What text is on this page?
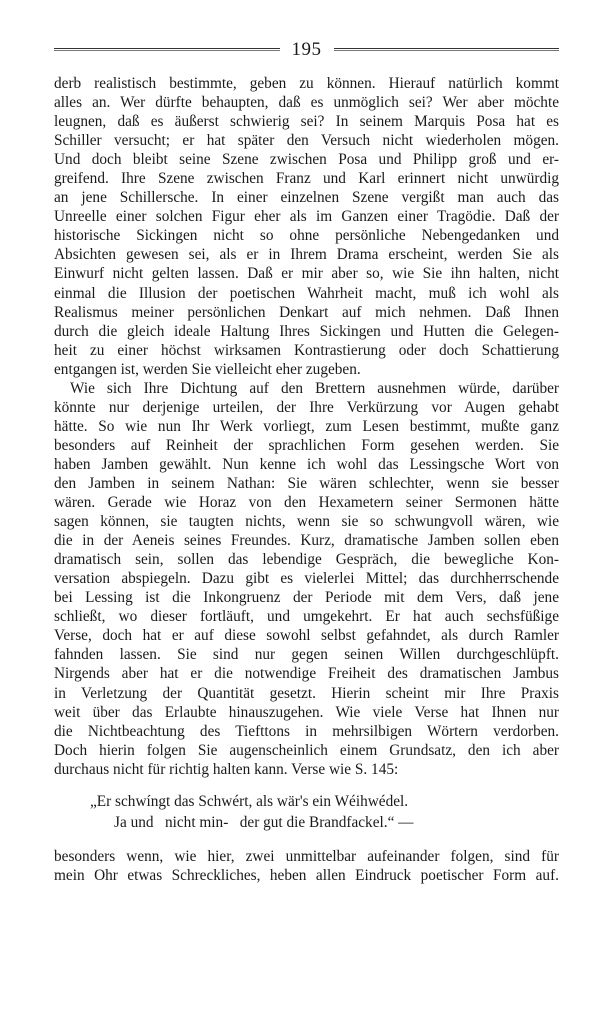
195
derb realistisch bestimmte, geben zu können. Hierauf natürlich kommt
alles an. Wer dürfte behaupten, daß es unmöglich sei? Wer aber möchte
leugnen, daß es äußerst schwierig sei? In seinem Marquis Posa hat es
Schiller versucht; er hat später den Versuch nicht wiederholen mögen.
Und doch bleibt seine Szene zwischen Posa und Philipp groß und er-
greifend. Ihre Szene zwischen Franz und Karl erinnert nicht unwürdig
an jene Schillersche. In einer einzelnen Szene vergißt man auch das
Unreelle einer solchen Figur eher als im Ganzen einer Tragödie. Daß der
historische Sickingen nicht so ohne persönliche Nebengedanken und
Absichten gewesen sei, als er in Ihrem Drama erscheint, werden Sie als
Einwurf nicht gelten lassen. Daß er mir aber so, wie Sie ihn halten, nicht
einmal die Illusion der poetischen Wahrheit macht, muß ich wohl als
Realismus meiner persönlichen Denkart auf mich nehmen. Daß Ihnen
durch die gleich ideale Haltung Ihres Sickingen und Hutten die Gelegen-
heit zu einer höchst wirksamen Kontrastierung oder doch Schattierung
entgangen ist, werden Sie vielleicht eher zugeben.
Wie sich Ihre Dichtung auf den Brettern ausnehmen würde, darüber
könnte nur derjenige urteilen, der Ihre Verkürzung vor Augen gehabt
hätte. So wie nun Ihr Werk vorliegt, zum Lesen bestimmt, mußte ganz
besonders auf Reinheit der sprachlichen Form gesehen werden. Sie
haben Jamben gewählt. Nun kenne ich wohl das Lessingsche Wort von
den Jamben in seinem Nathan: Sie wären schlechter, wenn sie besser
wären. Gerade wie Horaz von den Hexametern seiner Sermonen hätte
sagen können, sie taugten nichts, wenn sie so schwungvoll wären, wie
die in der Aeneis seines Freundes. Kurz, dramatische Jamben sollen eben
dramatisch sein, sollen das lebendige Gespräch, die bewegliche Kon-
versation abspiegeln. Dazu gibt es vielerlei Mittel; das durchherrschende
bei Lessing ist die Inkongruenz der Periode mit dem Vers, daß jene
schließt, wo dieser fortläuft, und umgekehrt. Er hat auch sechsfüßige
Verse, doch hat er auf diese sowohl selbst gefahndet, als durch Ramler
fahnden lassen. Sie sind nur gegen seinen Willen durchgeschlüpft.
Nirgends aber hat er die notwendige Freiheit des dramatischen Jambus
in Verletzung der Quantität gesetzt. Hierin scheint mir Ihre Praxis
weit über das Erlaubte hinauszugehen. Wie viele Verse hat Ihnen nur
die Nichtbeachtung des Tiefttons in mehrsilbigen Wörtern verdorben.
Doch hierin folgen Sie augenscheinlich einem Grundsatz, den ich aber
durchaus nicht für richtig halten kann. Verse wie S. 145:
„Er schwíngt das Schwért, als wär's ein Wéihwédel.
Ja und   nicht min-   der gut die Brandfackel.“ —
besonders wenn, wie hier, zwei unmittelbar aufeinander folgen, sind für
mein Ohr etwas Schreckliches, heben allen Eindruck poetischer Form auf.
